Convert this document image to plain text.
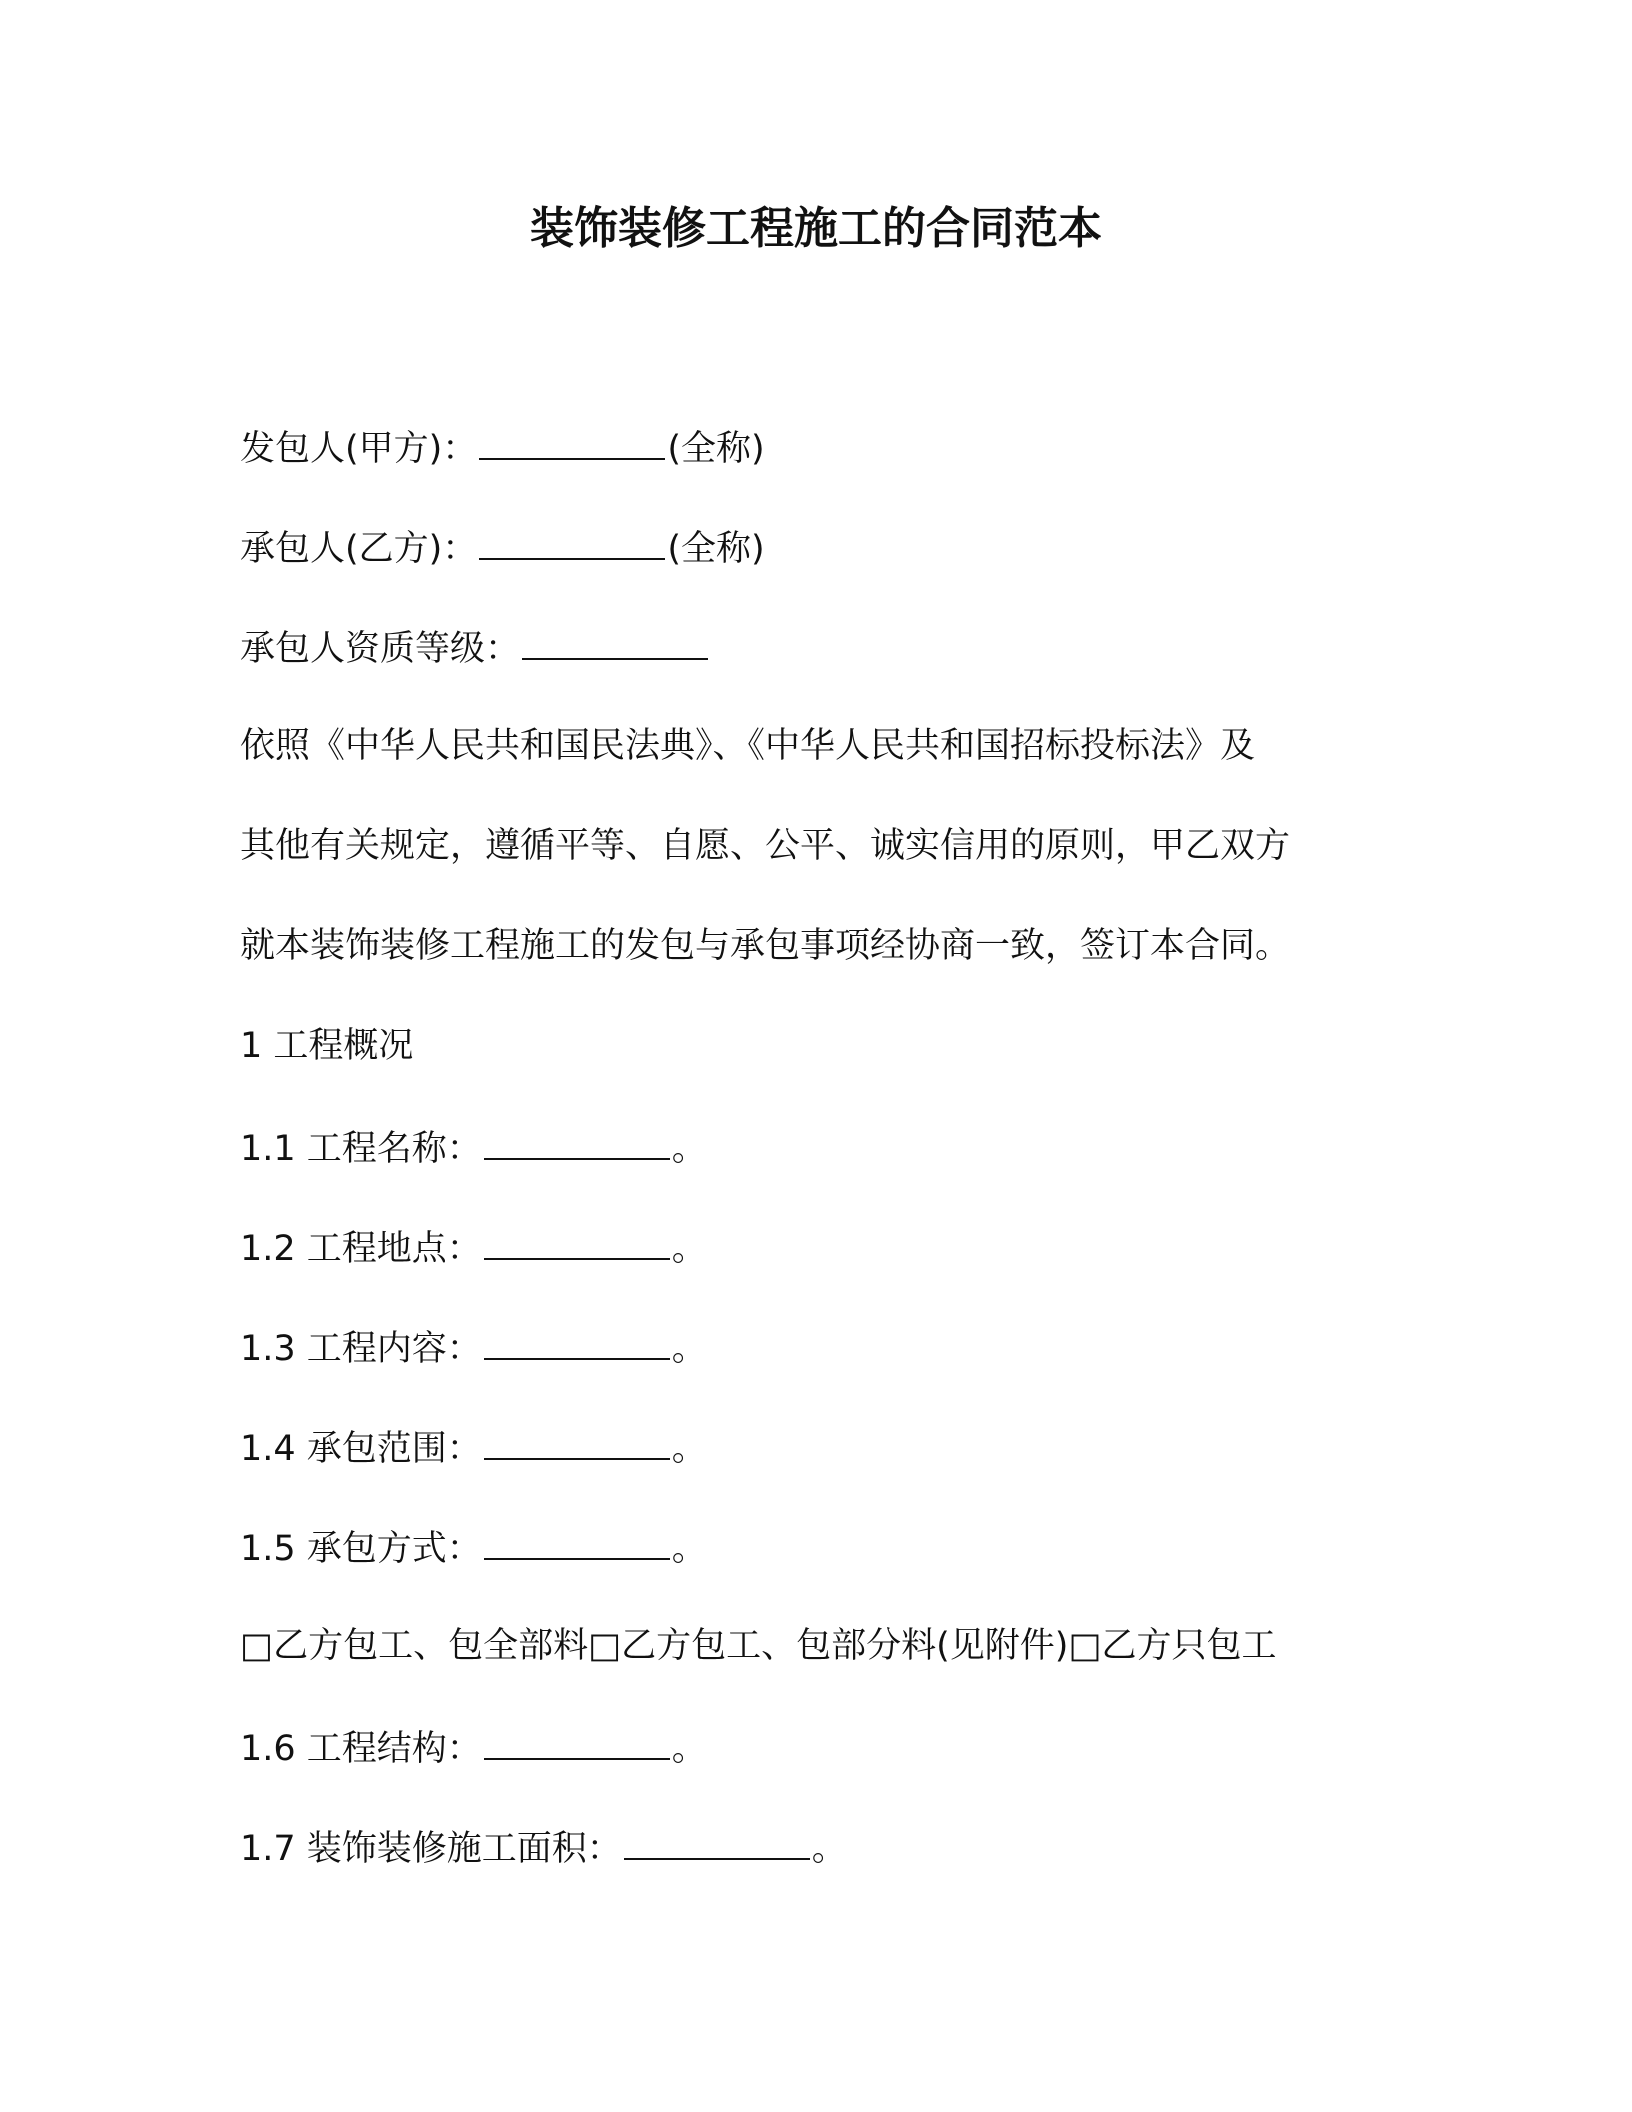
装饰装修工程施工的合同范本
发包人(甲方)：	(全称)
承包人(乙方)：	(全称)
承包人资质等级：
依照《中华人民共和国民法典》、《中华人民共和国招标投标法》及
其他有关规定，遵循平等、自愿、公平、诚实信用的原则，甲乙双方
就本装饰装修工程施工的发包与承包事项经协商一致，签订本合同。
1 工程概况
1.1 工程名称：	。
1.2 工程地点：	。
1.3 工程内容：	。
1.4 承包范围：	。
1.5 承包方式：	。
□乙方包工、包全部料□乙方包工、包部分料(见附件)□乙方只包工
1.6 工程结构：	。
1.7 装饰装修施工面积：	。
